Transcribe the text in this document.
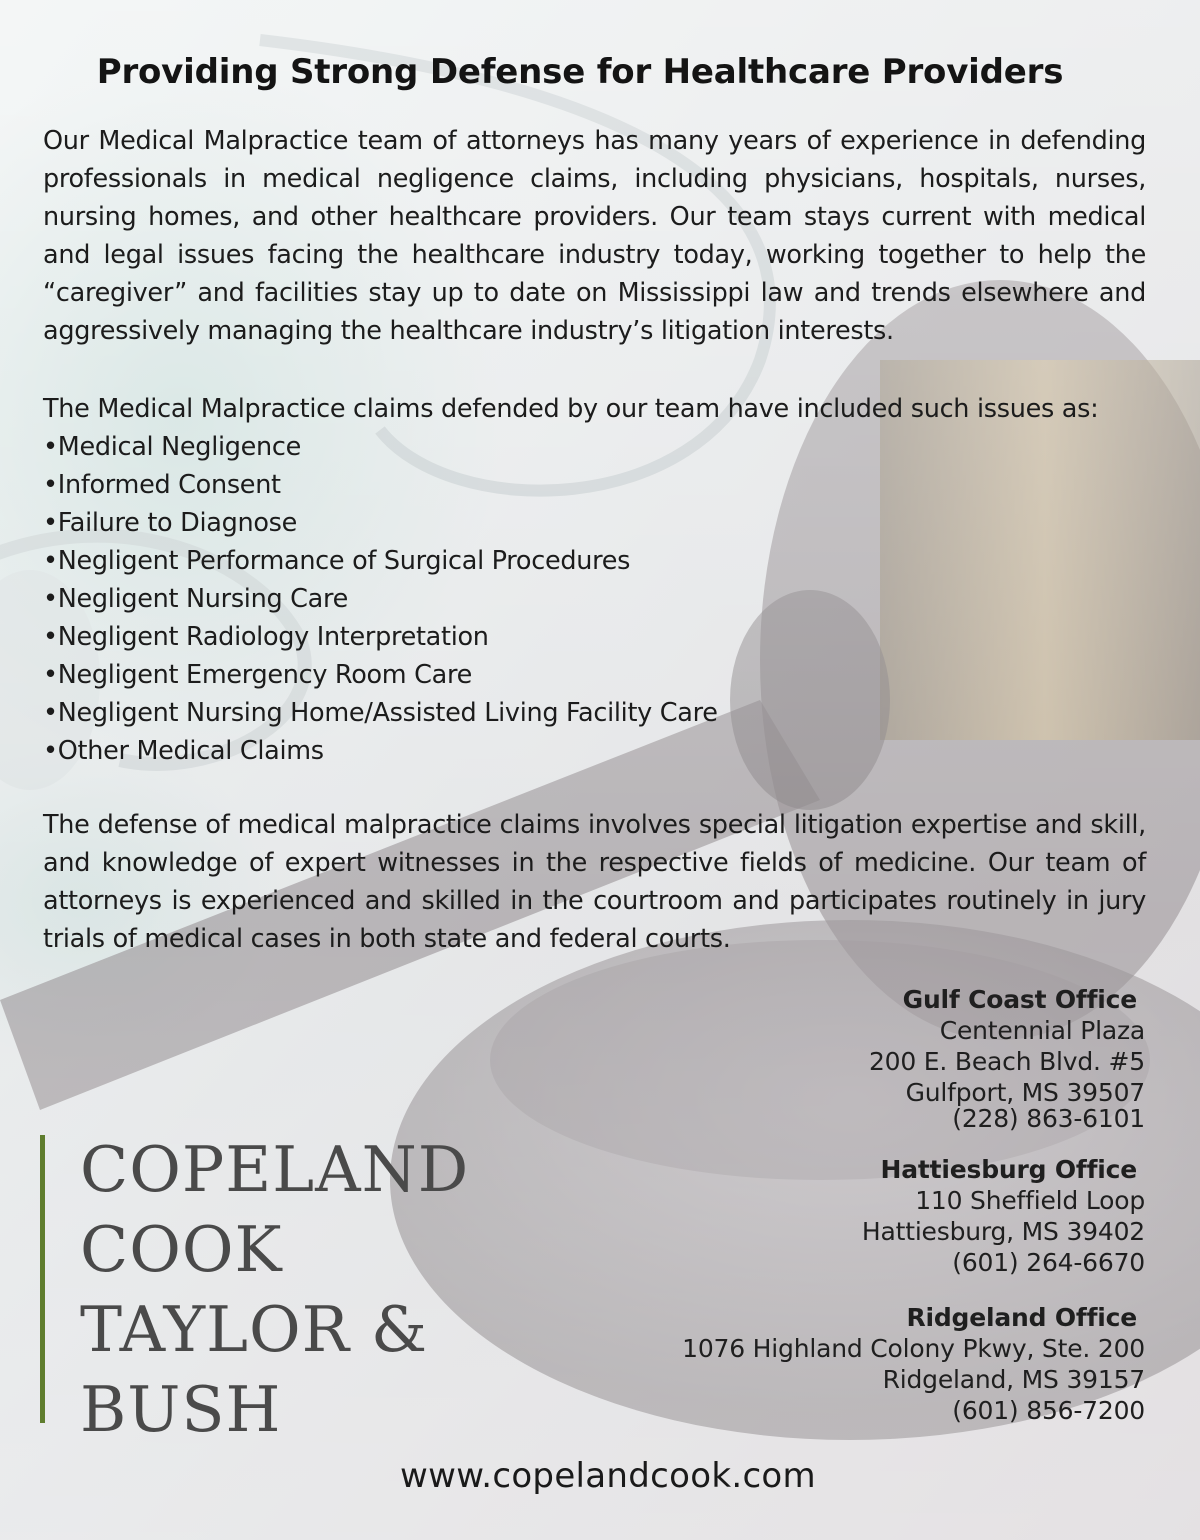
Providing Strong Defense for Healthcare Providers
Our Medical Malpractice team of attorneys has many years of experience in defending professionals in medical negligence claims, including physicians, hospitals, nurses, nursing homes, and other healthcare providers. Our team stays current with medical and legal issues facing the healthcare industry today, working together to help the “caregiver” and facilities stay up to date on Mississippi law and trends elsewhere and aggressively managing the healthcare industry’s litigation interests.
The Medical Malpractice claims defended by our team have included such issues as:
•Medical Negligence
•Informed Consent
•Failure to Diagnose
•Negligent Performance of Surgical Procedures
•Negligent Nursing Care
•Negligent Radiology Interpretation
•Negligent Emergency Room Care
•Negligent Nursing Home/Assisted Living Facility Care
•Other Medical Claims
The defense of medical malpractice claims involves special litigation expertise and skill, and knowledge of expert witnesses in the respective fields of medicine. Our team of attorneys is experienced and skilled in the courtroom and participates routinely in jury trials of medical cases in both state and federal courts.
Gulf Coast Office
Centennial Plaza
200 E. Beach Blvd. #5
Gulfport, MS 39507
(228) 863-6101
Hattiesburg Office
110 Sheffield Loop
Hattiesburg, MS 39402
(601) 264-6670
Ridgeland Office
1076 Highland Colony Pkwy, Ste. 200
Ridgeland, MS 39157
(601) 856-7200
COPELAND
COOK
TAYLOR &
BUSH
www.copelandcook.com
